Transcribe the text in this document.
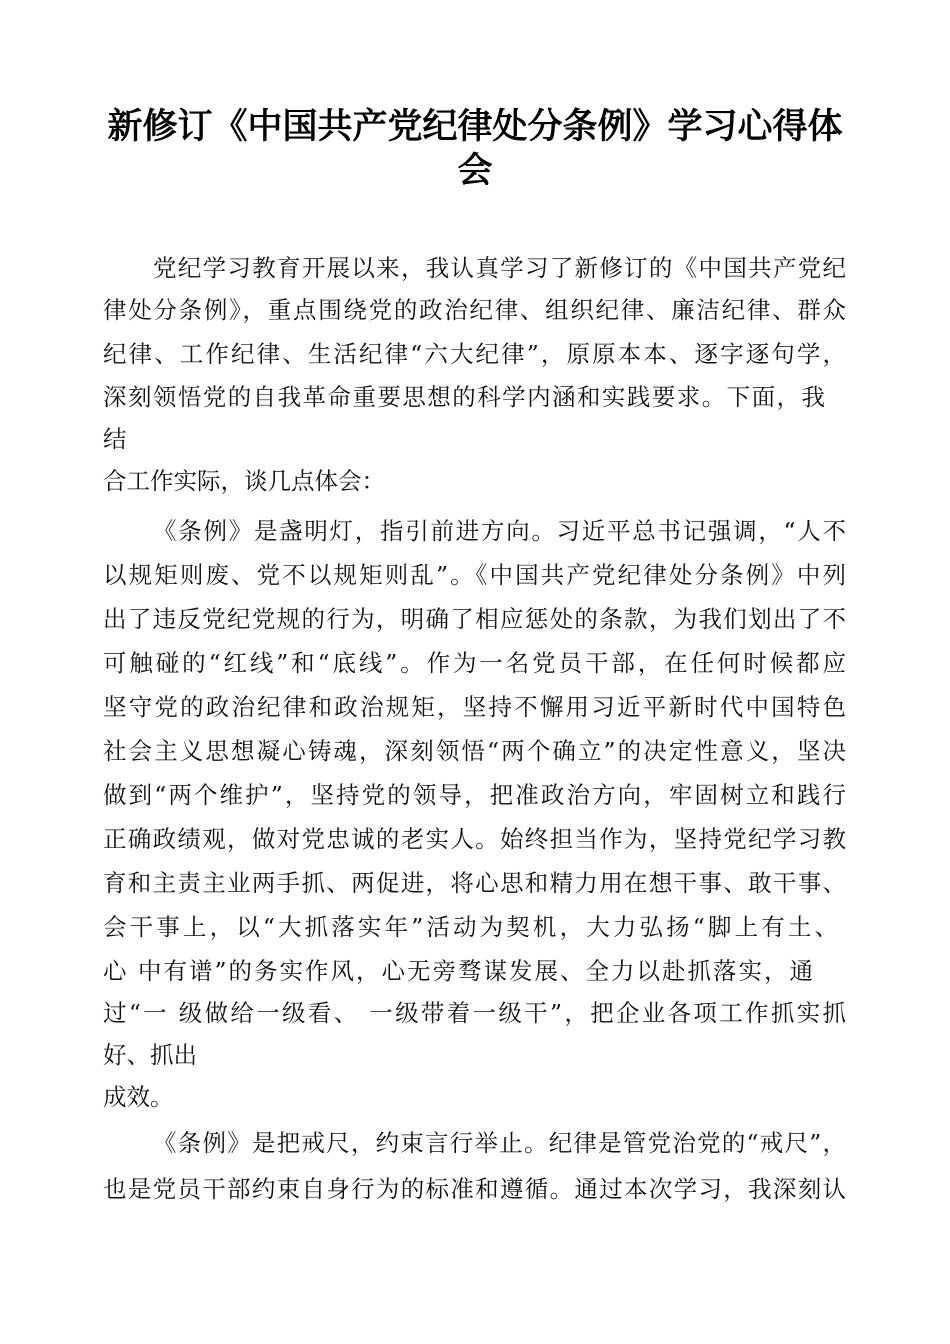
新修订《中国共产党纪律处分条例》学习心得体
会

党纪学习教育开展以来，我认真学习了新修订的《中国共产党纪

律处分条例》，重点围绕党的政治纪律、组织纪律、廉洁纪律、群众

纪律、工作纪律、生活纪律“六大纪律”，原原本本、逐字逐句学，

深刻领悟党的自我革命重要思想的科学内涵和实践要求。下面，我

结

合工作实际，谈几点体会：

《条例》是盏明灯，指引前进方向。习近平总书记强调，“人不

以规矩则废、党不以规矩则乱”。《中国共产党纪律处分条例》中列

出了违反党纪党规的行为，明确了相应惩处的条款，为我们划出了不

可触碰的“红线”和“底线”。作为一名党员干部，在任何时候都应

坚守党的政治纪律和政治规矩，坚持不懈用习近平新时代中国特色

社会主义思想凝心铸魂，深刻领悟“两个确立”的决定性意义，坚决

做到“两个维护”，坚持党的领导，把准政治方向，牢固树立和践行

正确政绩观，做对党忠诚的老实人。始终担当作为，坚持党纪学习教

育和主责主业两手抓、两促进，将心思和精力用在想干事、敢干事、

会干事上，以“大抓落实年”活动为契机，大力弘扬“脚上有土、

心 中有谱”的务实作风，心无旁骛谋发展、全力以赴抓落实，通

过“一 级做给一级看、 一级带着一级干”，把企业各项工作抓实抓

好、抓出

成效。

《条例》是把戒尺，约束言行举止。纪律是管党治党的“戒尺”，

也是党员干部约束自身行为的标准和遵循。通过本次学习，我深刻认
